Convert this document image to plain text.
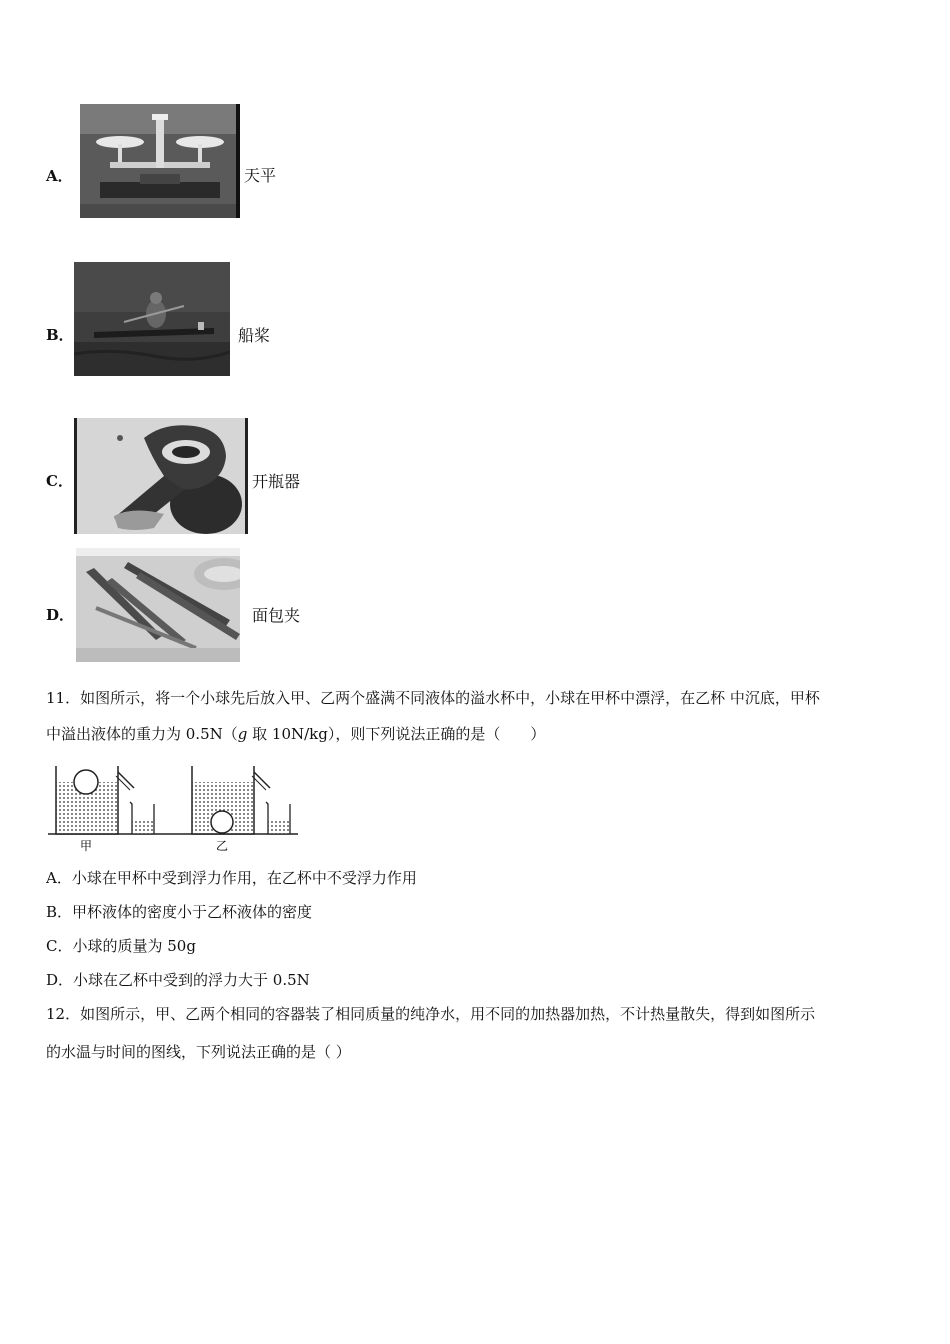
A．	天平
B．	船桨
C．	开瓶器
D．	面包夹
11．如图所示，将一个小球先后放入甲、乙两个盛满不同液体的溢水杯中，小球在甲杯中漂浮，在乙杯 中沉底，甲杯
中溢出液体的重力为 0.5N（g 取 10N/kg），则下列说法正确的是（　　）
甲	乙
A．小球在甲杯中受到浮力作用，在乙杯中不受浮力作用
B．甲杯液体的密度小于乙杯液体的密度
C．小球的质量为 50g
D．小球在乙杯中受到的浮力大于 0.5N
12．如图所示，甲、乙两个相同的容器装了相同质量的纯净水，用不同的加热器加热，不计热量散失，得到如图所示
的水温与时间的图线，下列说法正确的是（ ）
